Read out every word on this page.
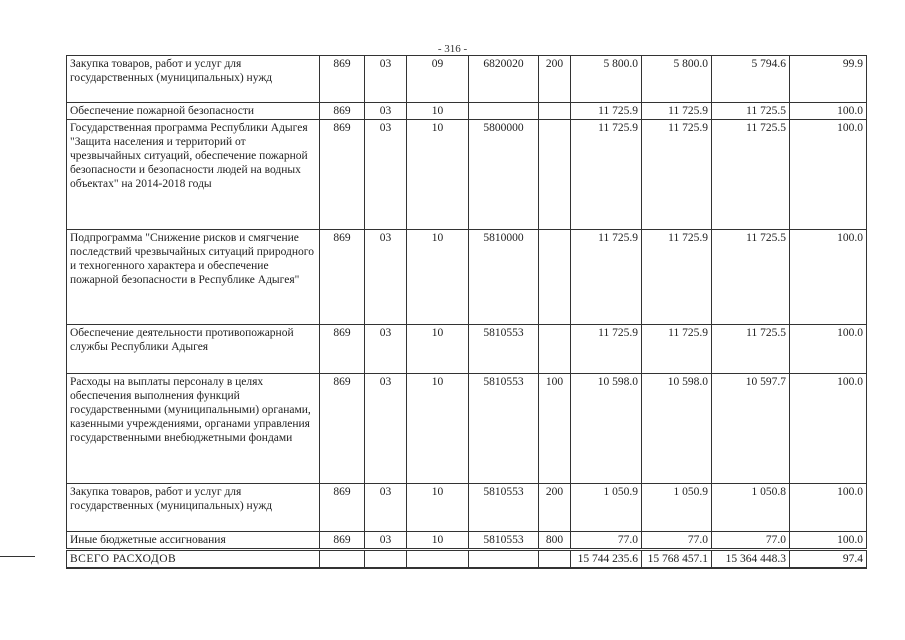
- 316 -
Закупка товаров, работ и услуг для государственных (муниципальных) нужд	869	03	09	6820020	200	5 800.0	5 800.0	5 794.6	99.9
Обеспечение пожарной безопасности	869	03	10			11 725.9	11 725.9	11 725.5	100.0
Государственная программа Республики Адыгея "Защита населения и территорий от чрезвычайных ситуаций, обеспечение пожарной безопасности и безопасности людей на водных объектах" на 2014-2018 годы	869	03	10	5800000		11 725.9	11 725.9	11 725.5	100.0
Подпрограмма "Снижение рисков и смягчение последствий чрезвычайных ситуаций природного и техногенного характера и обеспечение пожарной безопасности в Республике Адыгея"	869	03	10	5810000		11 725.9	11 725.9	11 725.5	100.0
Обеспечение деятельности противопожарной службы Республики Адыгея	869	03	10	5810553		11 725.9	11 725.9	11 725.5	100.0
Расходы на выплаты персоналу в целях обеспечения выполнения функций государственными (муниципальными) органами, казенными учреждениями, органами управления государственными внебюджетными фондами	869	03	10	5810553	100	10 598.0	10 598.0	10 597.7	100.0
Закупка товаров, работ и услуг для государственных (муниципальных) нужд	869	03	10	5810553	200	1 050.9	1 050.9	1 050.8	100.0
Иные бюджетные ассигнования	869	03	10	5810553	800	77.0	77.0	77.0	100.0
ВСЕГО РАСХОДОВ						15 744 235.6	15 768 457.1	15 364 448.3	97.4
